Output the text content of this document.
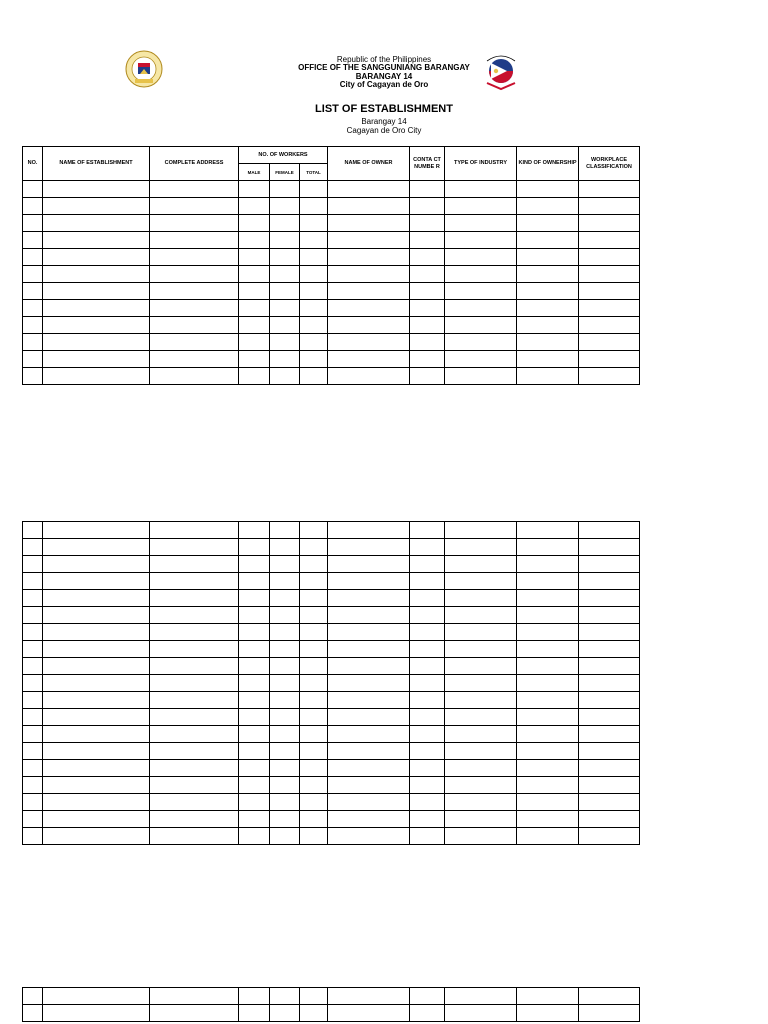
Republic of the Philippines
OFFICE OF THE SANGGUNIANG BARANGAY
BARANGAY 14
City of Cagayan de Oro
LIST OF ESTABLISHMENT
Barangay 14
Cagayan de Oro City
NO.	NAME OF ESTABLISHMENT	COMPLETE ADDRESS	NO. OF WORKERS			NAME OF OWNER	CONTA CT NUMBE R	TYPE OF INDUSTRY	KIND OF OWNERSHIP	WORKPLACE CLASSIFICATION
			MALE	FEMALE	TOTAL					
